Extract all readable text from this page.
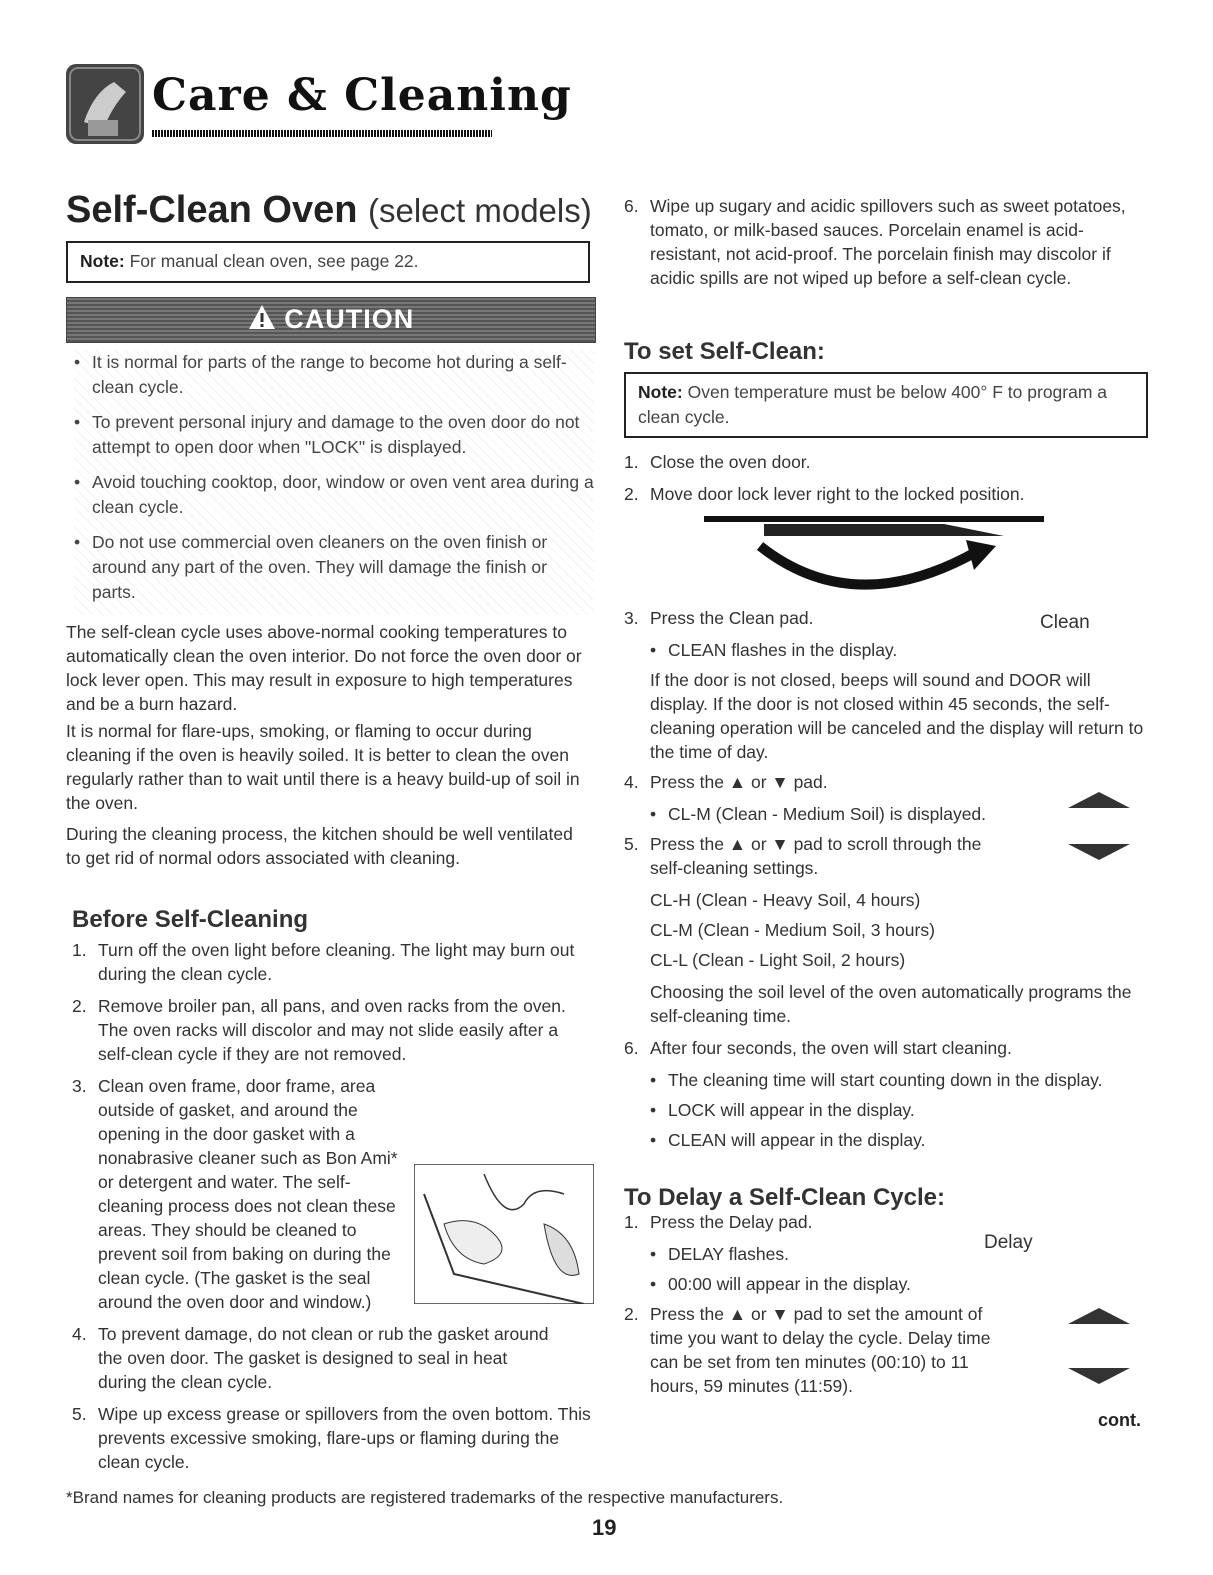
Care & Cleaning
Self-Clean Oven (select models)
Note: For manual clean oven, see page 22.
CAUTION
• It is normal for parts of the range to become hot during a self-clean cycle.
• To prevent personal injury and damage to the oven door do not attempt to open door when "LOCK" is displayed.
• Avoid touching cooktop, door, window or oven vent area during a clean cycle.
• Do not use commercial oven cleaners on the oven finish or around any part of the oven. They will damage the finish or parts.
The self-clean cycle uses above-normal cooking temperatures to automatically clean the oven interior. Do not force the oven door or lock lever open. This may result in exposure to high temperatures and be a burn hazard.
It is normal for flare-ups, smoking, or flaming to occur during cleaning if the oven is heavily soiled. It is better to clean the oven regularly rather than to wait until there is a heavy build-up of soil in the oven.
During the cleaning process, the kitchen should be well ventilated to get rid of normal odors associated with cleaning.
Before Self-Cleaning
1. Turn off the oven light before cleaning. The light may burn out during the clean cycle.
2. Remove broiler pan, all pans, and oven racks from the oven. The oven racks will discolor and may not slide easily after a self-clean cycle if they are not removed.
3. Clean oven frame, door frame, area outside of gasket, and around the opening in the door gasket with a nonabrasive cleaner such as Bon Ami* or detergent and water. The self-cleaning process does not clean these areas. They should be cleaned to prevent soil from baking on during the clean cycle. (The gasket is the seal around the oven door and window.)
4. To prevent damage, do not clean or rub the gasket around the oven door. The gasket is designed to seal in heat during the clean cycle.
5. Wipe up excess grease or spillovers from the oven bottom. This prevents excessive smoking, flare-ups or flaming during the clean cycle.
6. Wipe up sugary and acidic spillovers such as sweet potatoes, tomato, or milk-based sauces. Porcelain enamel is acid-resistant, not acid-proof. The porcelain finish may discolor if acidic spills are not wiped up before a self-clean cycle.
To set Self-Clean:
Note: Oven temperature must be below 400° F to program a clean cycle.
1. Close the oven door.
2. Move door lock lever right to the locked position.
3. Press the Clean pad.
• CLEAN flashes in the display.
If the door is not closed, beeps will sound and DOOR will display. If the door is not closed within 45 seconds, the self-cleaning operation will be canceled and the display will return to the time of day.
4. Press the ▲ or ▼ pad.
• CL-M (Clean - Medium Soil) is displayed.
5. Press the ▲ or ▼ pad to scroll through the self-cleaning settings.
CL-H (Clean - Heavy Soil, 4 hours)
CL-M (Clean - Medium Soil, 3 hours)
CL-L (Clean - Light Soil, 2 hours)
Choosing the soil level of the oven automatically programs the self-cleaning time.
6. After four seconds, the oven will start cleaning.
• The cleaning time will start counting down in the display.
• LOCK will appear in the display.
• CLEAN will appear in the display.
Clean
To Delay a Self-Clean Cycle:
1. Press the Delay pad.
• DELAY flashes.
• 00:00 will appear in the display.
2. Press the ▲ or ▼ pad to set the amount of time you want to delay the cycle. Delay time can be set from ten minutes (00:10) to 11 hours, 59 minutes (11:59).
Delay
cont.
*Brand names for cleaning products are registered trademarks of the respective manufacturers.
19
